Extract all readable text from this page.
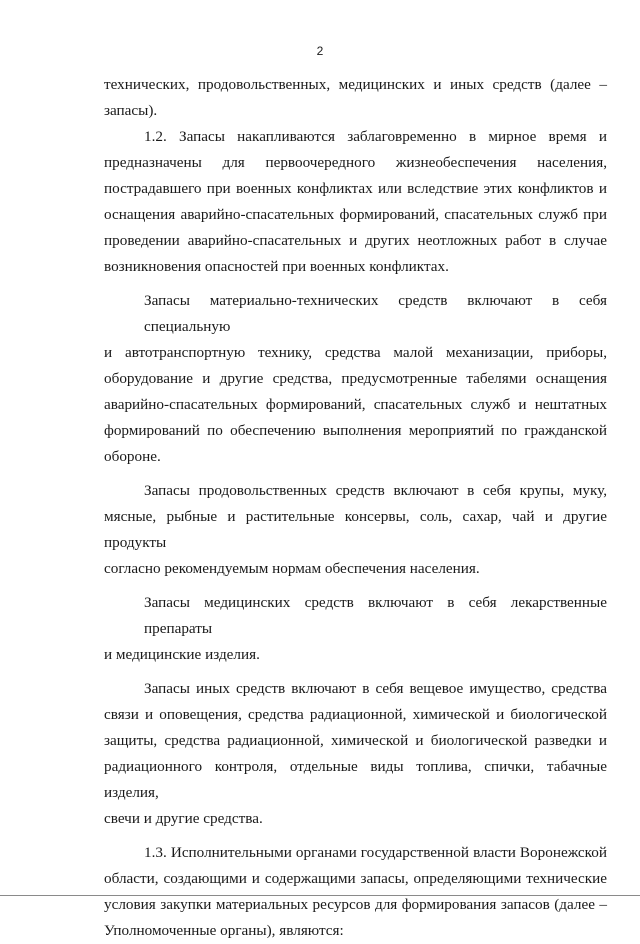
2

технических, продовольственных, медицинских и иных средств (далее –
запасы).

1.2. Запасы накапливаются заблаговременно в мирное время и
предназначены для первоочередного жизнеобеспечения населения,
пострадавшего при военных конфликтах или вследствие этих конфликтов и
оснащения аварийно-спасательных формирований, спасательных служб при
проведении аварийно-спасательных и других неотложных работ в случае
возникновения опасностей при военных конфликтах.

Запасы материально-технических средств включают в себя специальную
и автотранспортную технику, средства малой механизации, приборы,
оборудование и другие средства, предусмотренные табелями оснащения
аварийно-спасательных формирований, спасательных служб и нештатных
формирований по обеспечению выполнения мероприятий по гражданской
обороне.

Запасы продовольственных средств включают в себя крупы, муку,
мясные, рыбные и растительные консервы, соль, сахар, чай и другие продукты
согласно рекомендуемым нормам обеспечения населения.

Запасы медицинских средств включают в себя лекарственные препараты
и медицинские изделия.

Запасы иных средств включают в себя вещевое имущество, средства
связи и оповещения, средства радиационной, химической и биологической
защиты, средства радиационной, химической и биологической разведки и
радиационного контроля, отдельные виды топлива, спички, табачные изделия,
свечи и другие средства.

1.3. Исполнительными органами государственной власти Воронежской
области, создающими и содержащими запасы, определяющими технические
условия закупки материальных ресурсов для формирования запасов (далее –
Уполномоченные органы), являются:
